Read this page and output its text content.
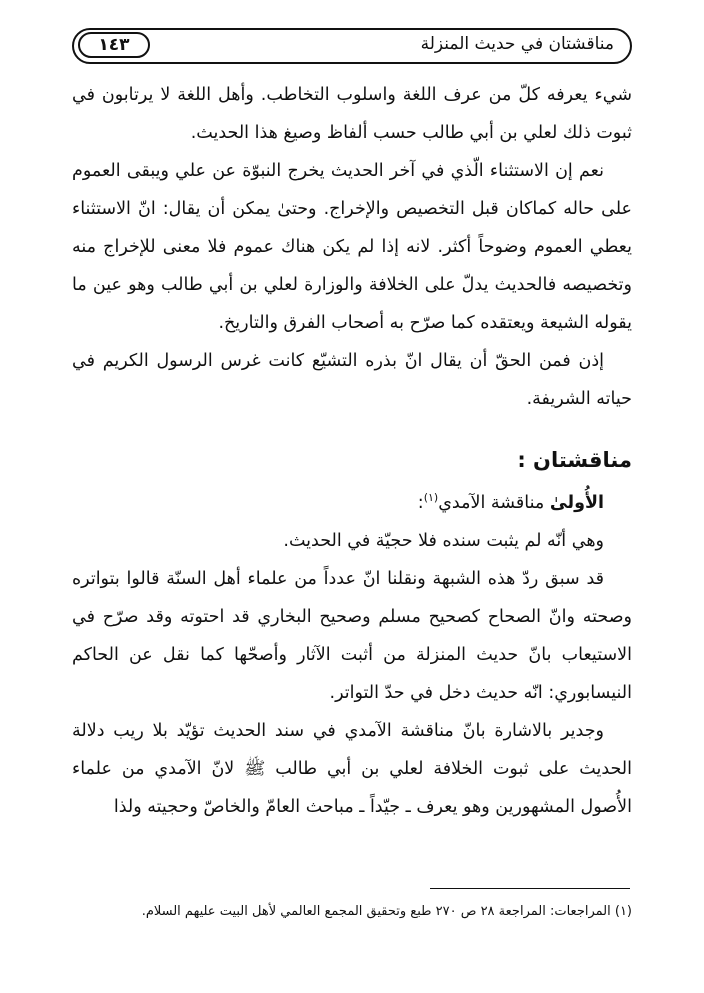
مناقشتان في حديث المنزلة
١٤٣

شيء يعرفه كلّ من عرف اللغة واسلوب التخاطب. وأهل اللغة لا يرتابون في ثبوت ذلك لعلي بن أبي طالب حسب ألفاظ وصيغ هذا الحديث.

نعم إن الاستثناء الّذي في آخر الحديث يخرج النبوّة عن علي ويبقى العموم على حاله كماكان قبل التخصيص والإخراج. وحتىٰ يمكن أن يقال: انّ الاستثناء يعطي العموم وضوحاً أكثر. لانه إذا لم يكن هناك عموم فلا معنى للإخراج منه وتخصيصه فالحديث يدلّ على الخلافة والوزارة لعلي بن أبي طالب وهو عين ما يقوله الشيعة ويعتقده كما صرّح به أصحاب الفرق والتاريخ.

إذن فمن الحقّ أن يقال انّ بذره التشيّع كانت غرس الرسول الكريم في حياته الشريفة.

مناقشتان :

الأُولىٰ مناقشة الآمدي$^{(١)}$:

وهي أنّه لم يثبت سنده فلا حجيّة في الحديث.

قد سبق ردّ هذه الشبهة ونقلنا انّ عدداً من علماء أهل السنّة قالوا بتواتره وصحته وانّ الصحاح كصحيح مسلم وصحيح البخاري قد احتوته وقد صرّح في الاستيعاب بانّ حديث المنزلة من أثبت الآثار وأصحّها كما نقل عن الحاكم النيسابوري: انّه حديث دخل في حدّ التواتر.

وجدير بالاشارة بانّ مناقشة الآمدي في سند الحديث تؤيّد بلا ريب دلالة الحديث على ثبوت الخلافة لعلي بن أبي طالب ﷺ لانّ الآمدي من علماء الأُصول المشهورين وهو يعرف ـ جيّداً ـ مباحث العامّ والخاصّ وحجيته ولذا

(١) المراجعات: المراجعة ٢٨ ص ٢٧٠ طبع وتحقيق المجمع العالمي لأهل البيت عليهم السلام.
